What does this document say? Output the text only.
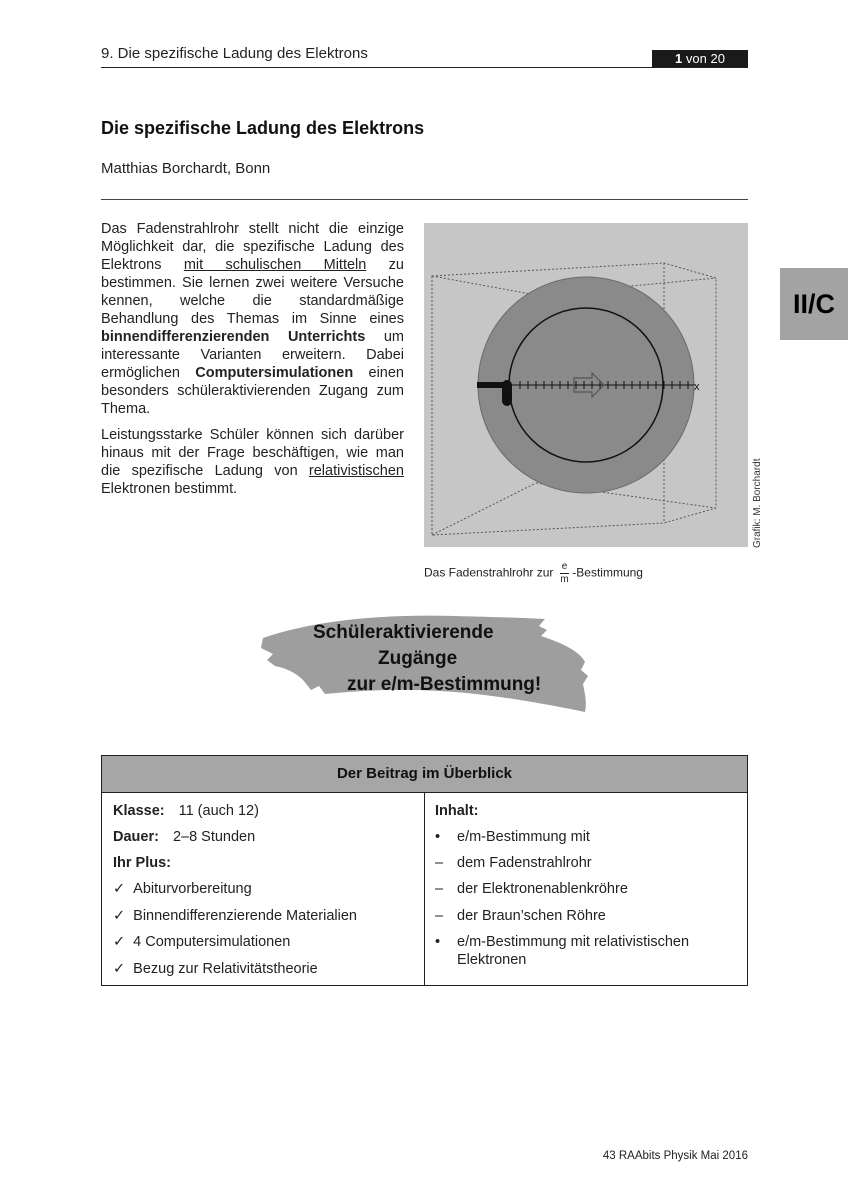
9. Die spezifische Ladung des Elektrons	1 von 20
II/C
Die spezifische Ladung des Elektrons
Matthias Borchardt, Bonn

Das Fadenstrahlrohr stellt nicht die einzige Möglichkeit dar, die spezifische Ladung des Elektrons mit schulischen Mitteln zu bestimmen. Sie lernen zwei weitere Versuche kennen, welche die standardmäßige Behandlung des Themas im Sinne eines binnendifferenzierenden Unterrichts um interessante Varianten erweitern. Dabei ermöglichen Computersimulationen einen besonders schüleraktivierenden Zugang zum Thema.

Leistungsstarke Schüler können sich darüber hinaus mit der Frage beschäftigen, wie man die spezifische Ladung von relativistischen Elektronen bestimmt.

x
Grafik: M. Borchardt
Das Fadenstrahlrohr zur $\frac{e}{m}$ -Bestimmung
Schüleraktivierende
Zugänge
zur e/m-Bestimmung!
Der Beitrag im Überblick
Klasse: 11 (auch 12)
Dauer: 2–8 Stunden
Ihr Plus:
✓ Abiturvorbereitung
✓ Binnendifferenzierende Materialien
✓ 4 Computersimulationen
✓ Bezug zur Relativitätstheorie
Inhalt:
• e/m-Bestimmung mit
– dem Fadenstrahlrohr
– der Elektronenablenkröhre
– der Braun’schen Röhre
• e/m-Bestimmung mit relativistischen
Elektronen
43 RAAbits Physik Mai 2016
